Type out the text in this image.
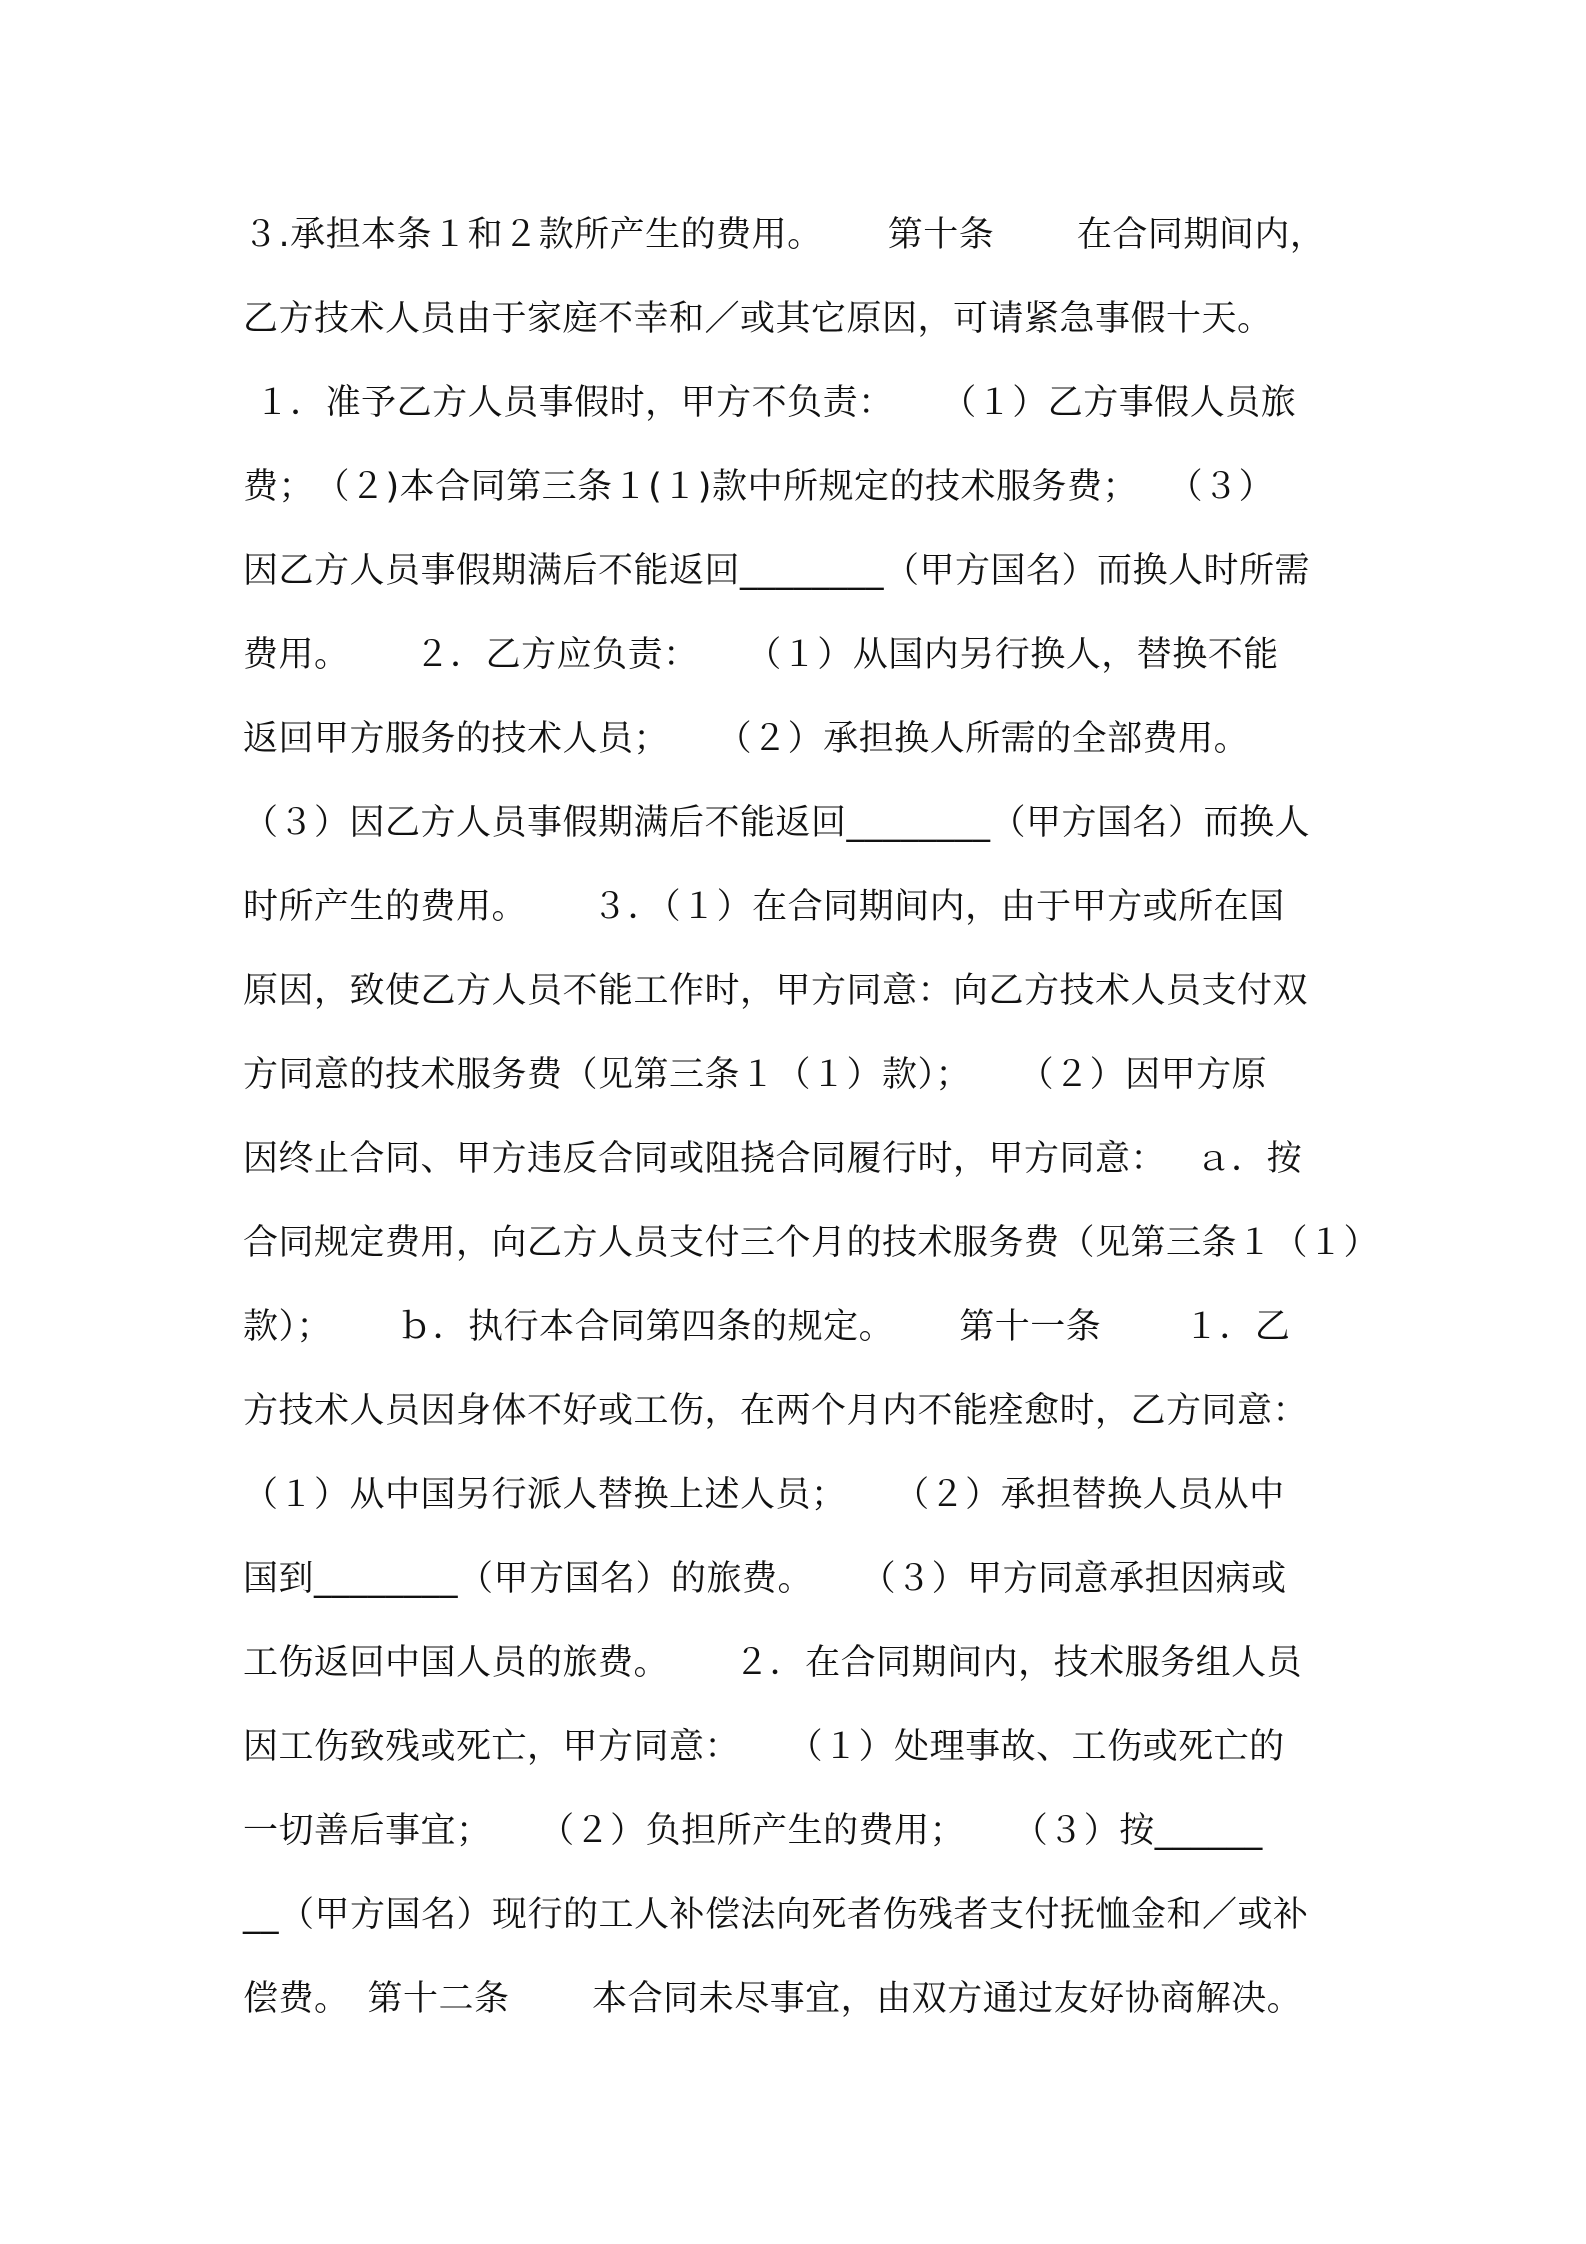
３.承担本条１和２款所产生的费用。　 　第十条　 　在合同期间内，
乙方技术人员由于家庭不幸和／或其它原因，可请紧急事假十天。
１．准予乙方人员事假时，甲方不负责：　 　（１）乙方事假人员旅
费；　（２)本合同第三条１(１)款中所规定的技术服务费；　 （３）
因乙方人员事假期满后不能返回________（甲方国名）而换人时所需
费用。　 　２．乙方应负责：　 　（１）从国内另行换人，替换不能
返回甲方服务的技术人员；　 　（２）承担换人所需的全部费用。
（３）因乙方人员事假期满后不能返回________（甲方国名）而换人
时所产生的费用。　 　３．（１）在合同期间内，由于甲方或所在国
原因，致使乙方人员不能工作时，甲方同意：向乙方技术人员支付双
方同意的技术服务费（见第三条１（１）款）；　 　（２）因甲方原
因终止合同、甲方违反合同或阻挠合同履行时，甲方同意：　 ａ．按
合同规定费用，向乙方人员支付三个月的技术服务费（见第三条１（１）
款）；　 　ｂ．执行本合同第四条的规定。　 　第十一条　 　１．乙
方技术人员因身体不好或工伤，在两个月内不能痊愈时，乙方同意：
（１）从中国另行派人替换上述人员；　 　（２）承担替换人员从中
国到________（甲方国名）的旅费。　 　（３）甲方同意承担因病或
工伤返回中国人员的旅费。　 　２．在合同期间内，技术服务组人员
因工伤致残或死亡，甲方同意：　 　（１）处理事故、工伤或死亡的
一切善后事宜；　 　（２）负担所产生的费用；　 　（３）按______
__（甲方国名）现行的工人补偿法向死者伤残者支付抚恤金和／或补
偿费。　第十二条　 　本合同未尽事宜，由双方通过友好协商解决。
